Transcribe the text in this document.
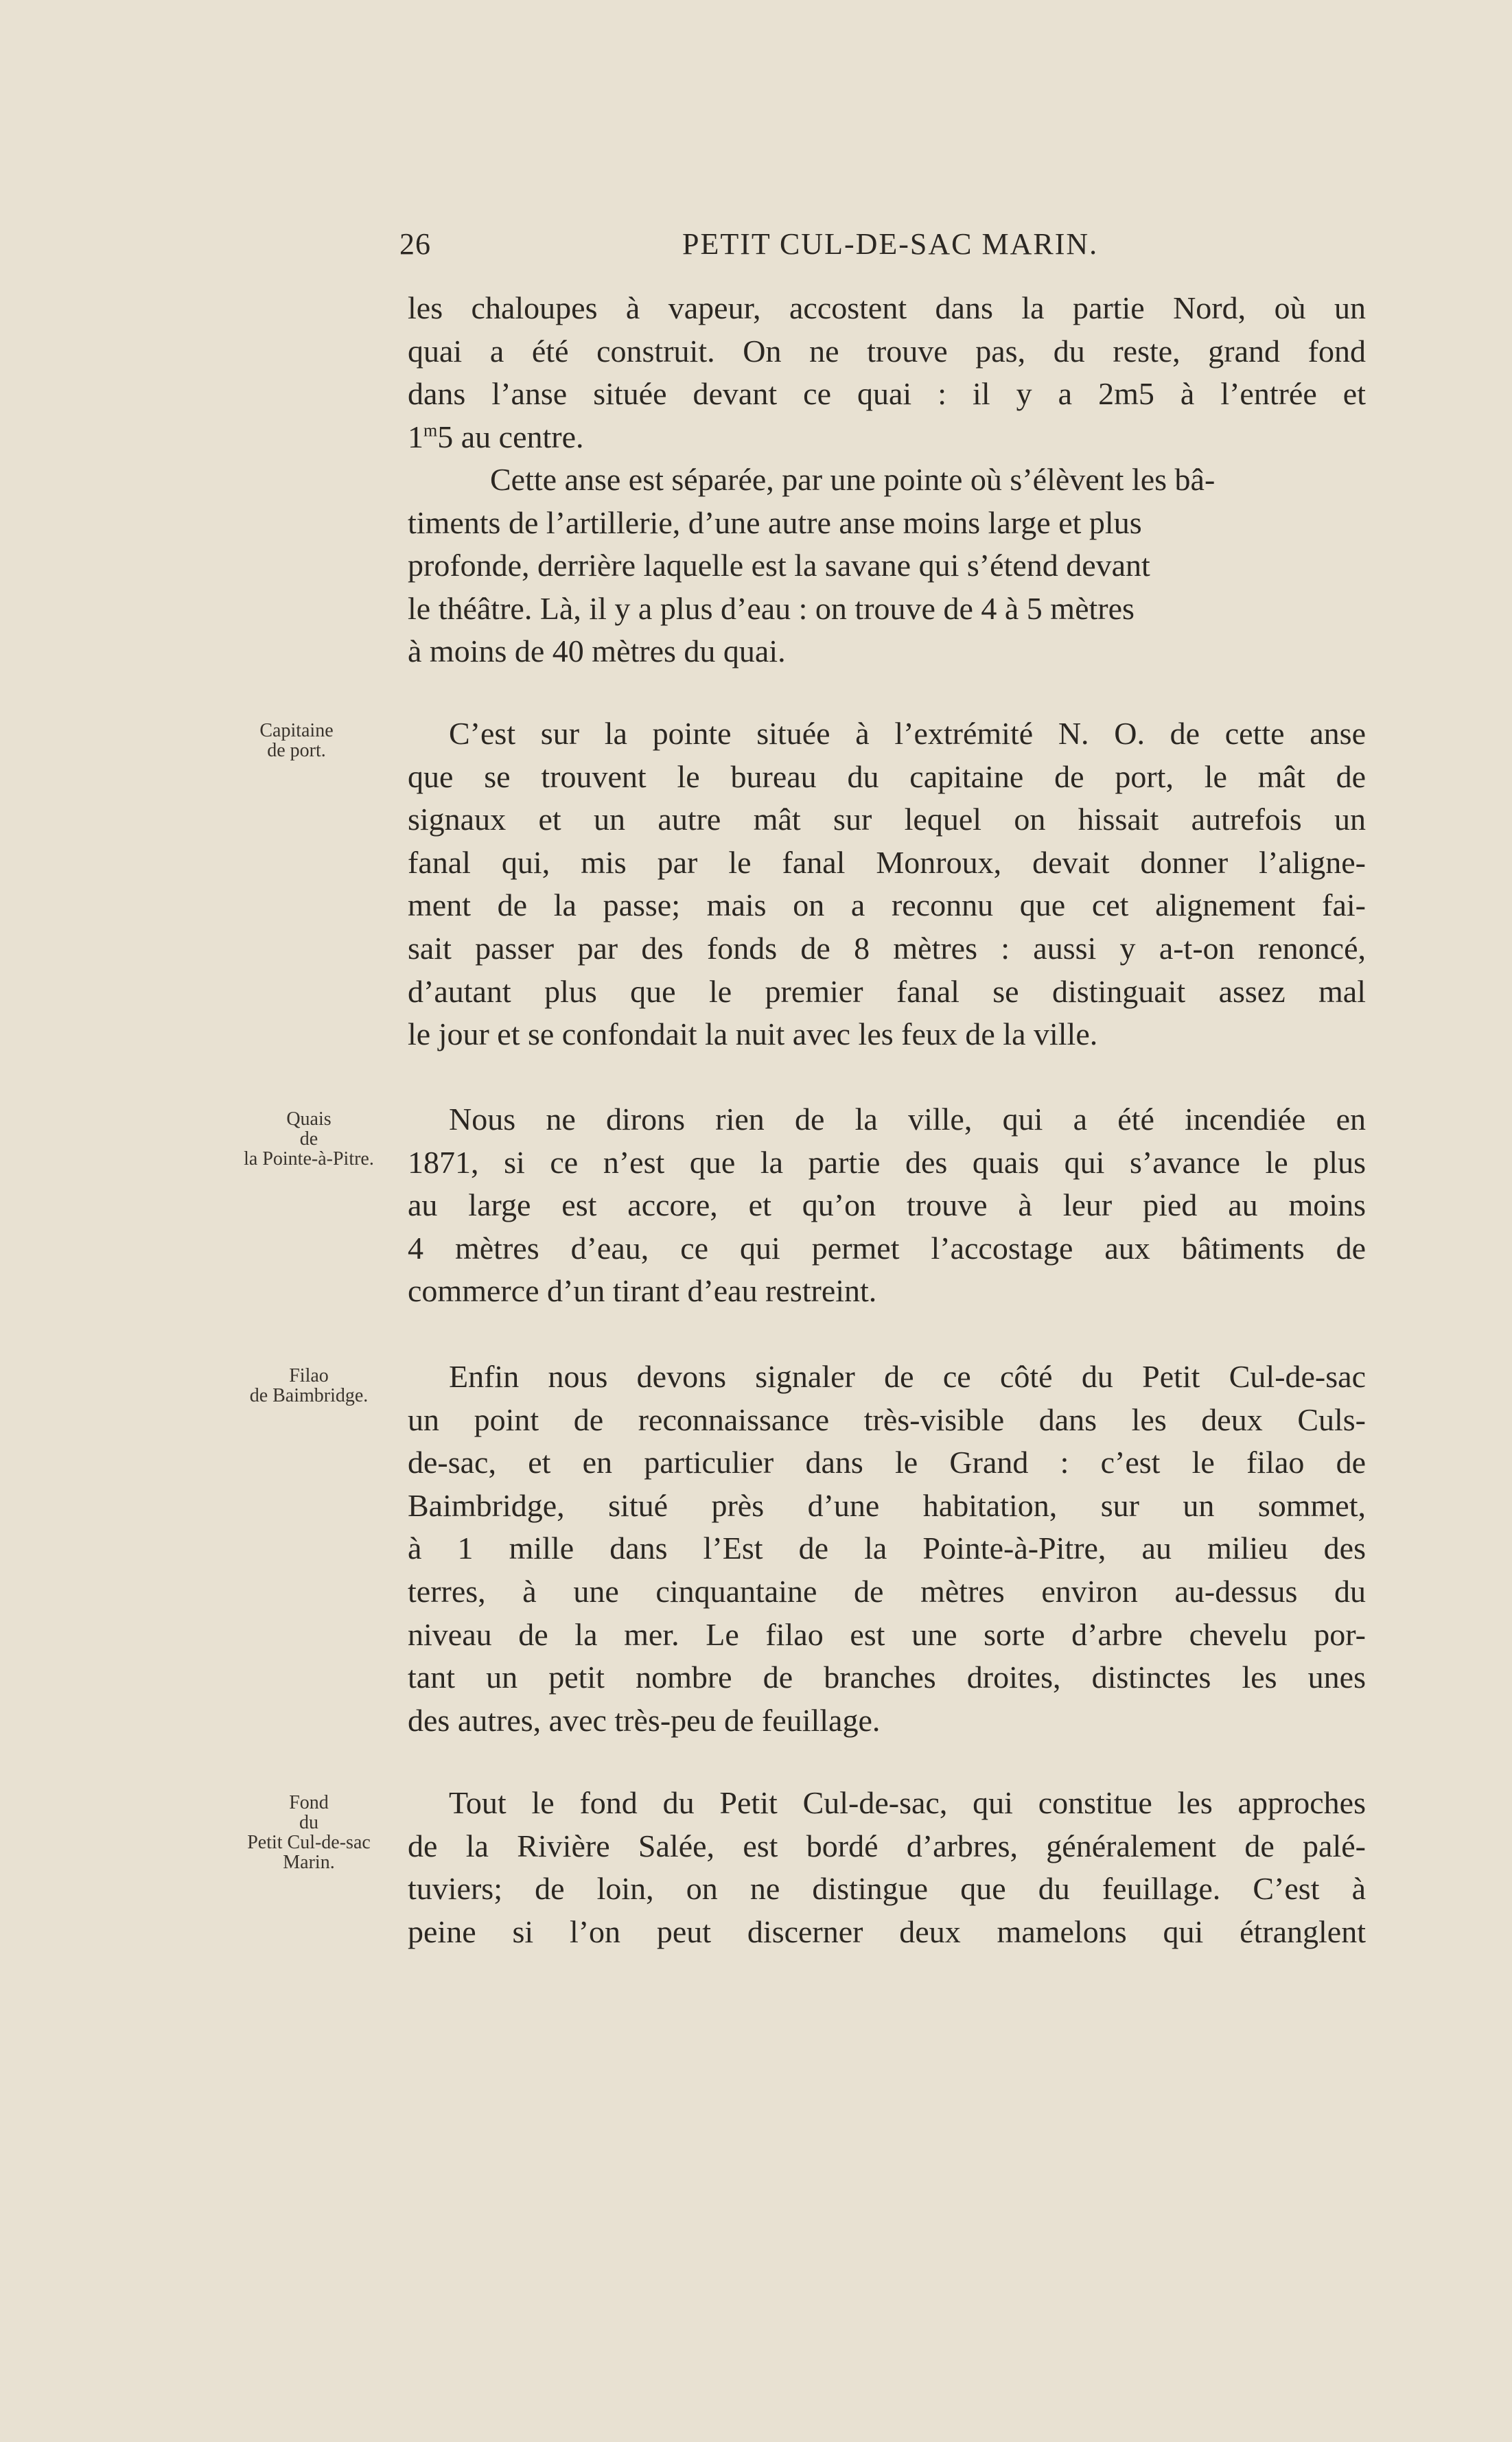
26	PETIT CUL-DE-SAC MARIN.

les chaloupes à vapeur, accostent dans la partie Nord, où un
quai a été construit. On ne trouve pas, du reste, grand fond
dans l’anse située devant ce quai : il y a 2m5 à l’entrée et

1$^m$5 au centre.

Cette anse est séparée, par une pointe où s’élèvent les bâ-
timents de l’artillerie, d’une autre anse moins large et plus
profonde, derrière laquelle est la savane qui s’étend devant
le théâtre. Là, il y a plus d’eau : on trouve de 4 à 5 mètres

à moins de 40 mètres du quai.

Capitaine
de port.	C’est sur la pointe située à l’extrémité N. O. de cette anse
que se trouvent le bureau du capitaine de port, le mât de
signaux et un autre mât sur lequel on hissait autrefois un
fanal qui, mis par le fanal Monroux, devait donner l’aligne-
ment de la passe; mais on a reconnu que cet alignement fai-
sait passer par des fonds de 8 mètres : aussi y a-t-on renoncé,
d’autant plus que le premier fanal se distinguait assez mal

le jour et se confondait la nuit avec les feux de la ville.

Quais
de
la Pointe-à-Pitre.

Nous ne dirons rien de la ville, qui a été incendiée en
1871, si ce n’est que la partie des quais qui s’avance le plus
au large est accore, et qu’on trouve à leur pied au moins
4 mètres d’eau, ce qui permet l’accostage aux bâtiments de

commerce d’un tirant d’eau restreint.

Filao
de Baimbridge.

Enfin nous devons signaler de ce côté du Petit Cul-de-sac
un point de reconnaissance très-visible dans les deux Culs-
de-sac, et en particulier dans le Grand : c’est le filao de
Baimbridge, situé près d’une habitation, sur un sommet,
à 1 mille dans l’Est de la Pointe-à-Pitre, au milieu des
terres, à une cinquantaine de mètres environ au-dessus du
niveau de la mer. Le filao est une sorte d’arbre chevelu por-
tant un petit nombre de branches droites, distinctes les unes

des autres, avec très-peu de feuillage.

Fond
du
Petit Cul-de-sac
Marin.

Tout le fond du Petit Cul-de-sac, qui constitue les approches
de la Rivière Salée, est bordé d’arbres, généralement de palé-
tuviers; de loin, on ne distingue que du feuillage. C’est à
peine si l’on peut discerner deux mamelons qui étranglent
